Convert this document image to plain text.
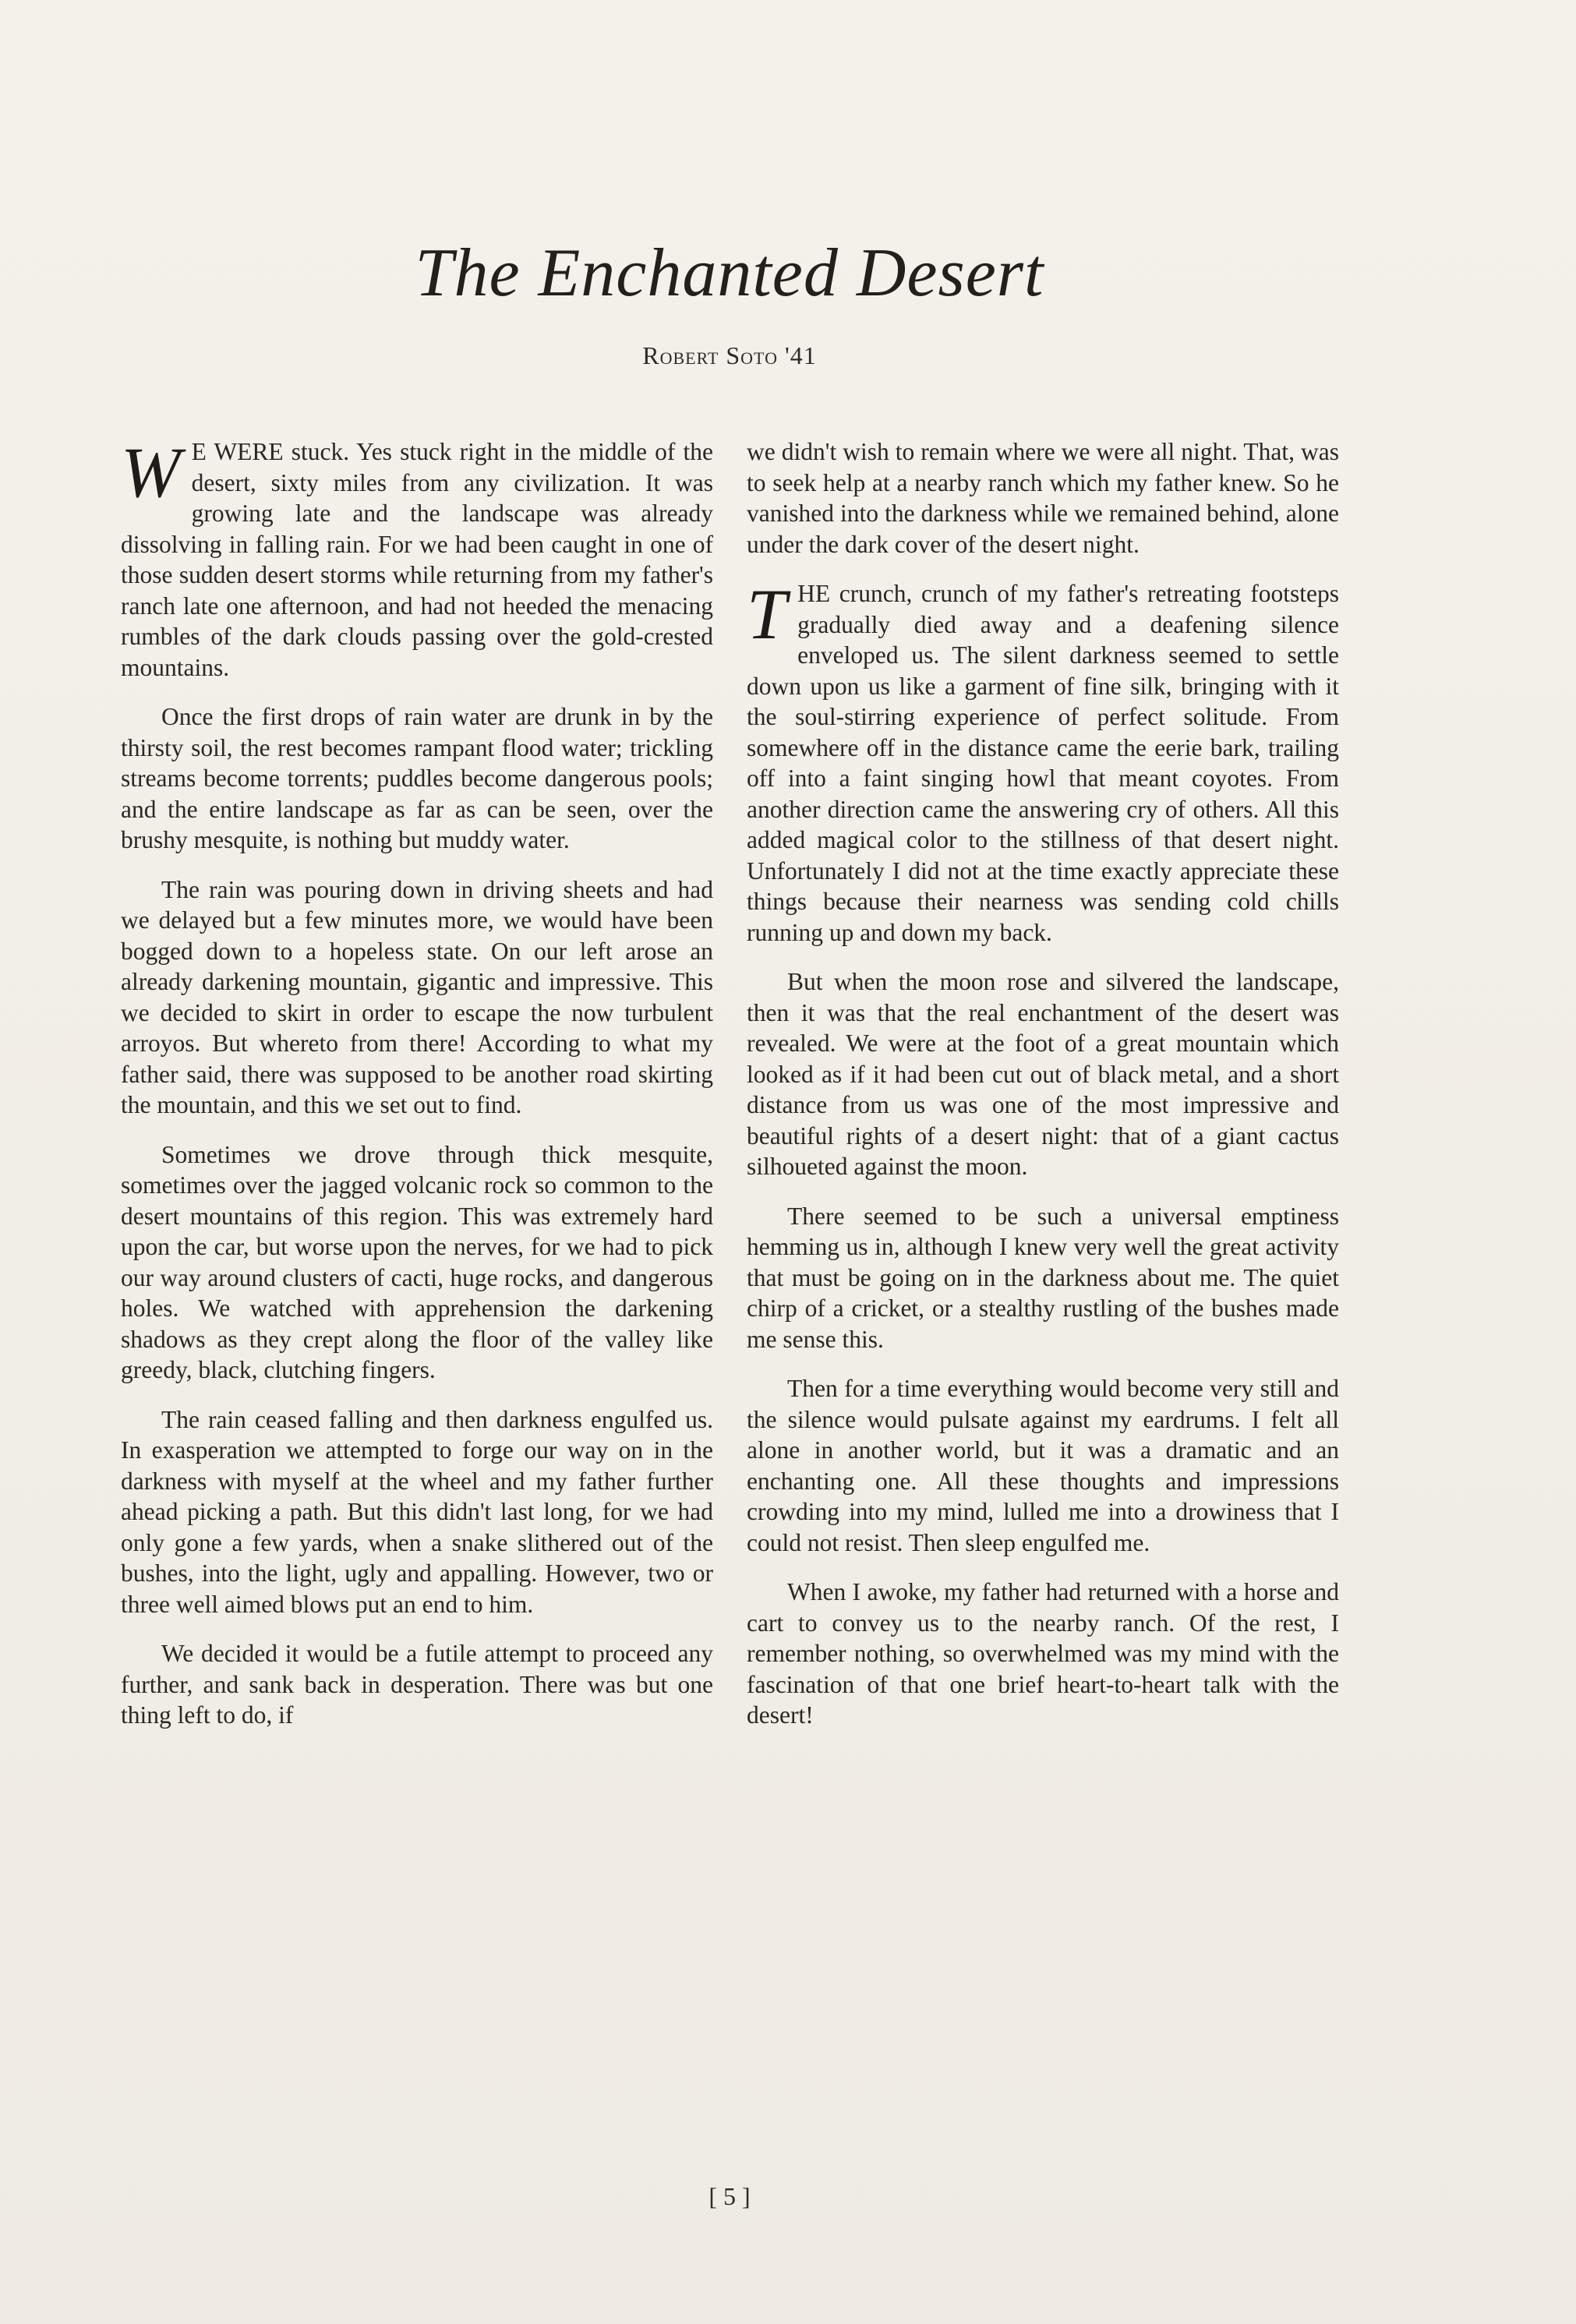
The Enchanted Desert
Robert Soto '41

W E WERE stuck. Yes stuck right in the middle of the desert, sixty miles from any civilization. It was growing late and the landscape was already dissolving in falling rain. For we had been caught in one of those sudden desert storms while returning from my father's ranch late one afternoon, and had not heeded the menacing rumbles of the dark clouds passing over the gold-crested mountains.

Once the first drops of rain water are drunk in by the thirsty soil, the rest becomes rampant flood water; trickling streams become torrents; puddles become dangerous pools; and the entire landscape as far as can be seen, over the brushy mesquite, is nothing but muddy water.

The rain was pouring down in driving sheets and had we delayed but a few minutes more, we would have been bogged down to a hopeless state. On our left arose an already darkening mountain, gigantic and impressive. This we decided to skirt in order to escape the now turbulent arroyos. But whereto from there! According to what my father said, there was supposed to be another road skirting the mountain, and this we set out to find.

Sometimes we drove through thick mesquite, sometimes over the jagged volcanic rock so common to the desert mountains of this region. This was extremely hard upon the car, but worse upon the nerves, for we had to pick our way around clusters of cacti, huge rocks, and dangerous holes. We watched with apprehension the darkening shadows as they crept along the floor of the valley like greedy, black, clutching fingers.

The rain ceased falling and then darkness engulfed us. In exasperation we attempted to forge our way on in the darkness with myself at the wheel and my father further ahead picking a path. But this didn't last long, for we had only gone a few yards, when a snake slithered out of the bushes, into the light, ugly and appalling. However, two or three well aimed blows put an end to him.

We decided it would be a futile attempt to proceed any further, and sank back in desperation. There was but one thing left to do, if

we didn't wish to remain where we were all night. That, was to seek help at a nearby ranch which my father knew. So he vanished into the darkness while we remained behind, alone under the dark cover of the desert night.

THE crunch, crunch of my father's retreating footsteps gradually died away and a deafening silence enveloped us. The silent darkness seemed to settle down upon us like a garment of fine silk, bringing with it the soul-stirring experience of perfect solitude. From somewhere off in the distance came the eerie bark, trailing off into a faint singing howl that meant coyotes. From another direction came the answering cry of others. All this added magical color to the stillness of that desert night. Unfortunately I did not at the time exactly appreciate these things because their nearness was sending cold chills running up and down my back.

But when the moon rose and silvered the landscape, then it was that the real enchantment of the desert was revealed. We were at the foot of a great mountain which looked as if it had been cut out of black metal, and a short distance from us was one of the most impressive and beautiful rights of a desert night: that of a giant cactus silhoueted against the moon.

There seemed to be such a universal emptiness hemming us in, although I knew very well the great activity that must be going on in the darkness about me. The quiet chirp of a cricket, or a stealthy rustling of the bushes made me sense this.

Then for a time everything would become very still and the silence would pulsate against my eardrums. I felt all alone in another world, but it was a dramatic and an enchanting one. All these thoughts and impressions crowding into my mind, lulled me into a drowiness that I could not resist. Then sleep engulfed me.

When I awoke, my father had returned with a horse and cart to convey us to the nearby ranch. Of the rest, I remember nothing, so overwhelmed was my mind with the fascination of that one brief heart-to-heart talk with the desert!

[ 5 ]
